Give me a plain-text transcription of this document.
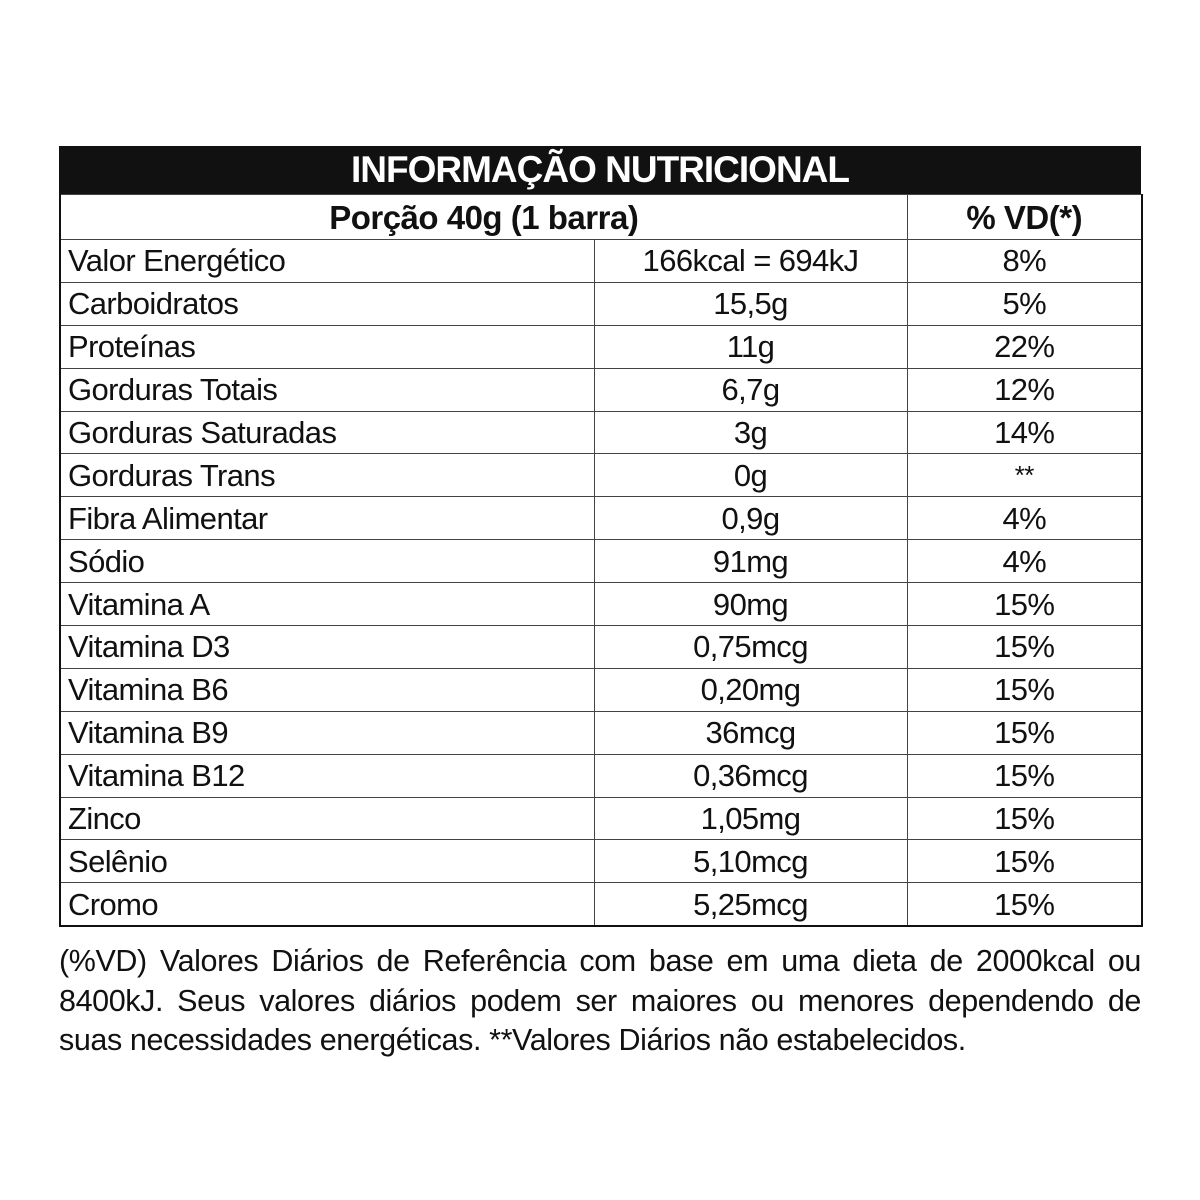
INFORMAÇÃO NUTRICIONAL
Porção 40g (1 barra)		% VD(*)
Valor Energético	166kcal = 694kJ	8%
Carboidratos	15,5g	5%
Proteínas	11g	22%
Gorduras Totais	6,7g	12%
Gorduras Saturadas	3g	14%
Gorduras Trans	0g	**
Fibra Alimentar	0,9g	4%
Sódio	91mg	4%
Vitamina A	90mg	15%
Vitamina D3	0,75mcg	15%
Vitamina B6	0,20mg	15%
Vitamina B9	36mcg	15%
Vitamina B12	0,36mcg	15%
Zinco	1,05mg	15%
Selênio	5,10mcg	15%
Cromo	5,25mcg	15%
(%VD) Valores Diários de Referência com base em uma dieta de 2000kcal ou 8400kJ. Seus valores diários podem ser maiores ou menores dependendo de suas necessidades energéticas. **Valores Diários não estabelecidos.
